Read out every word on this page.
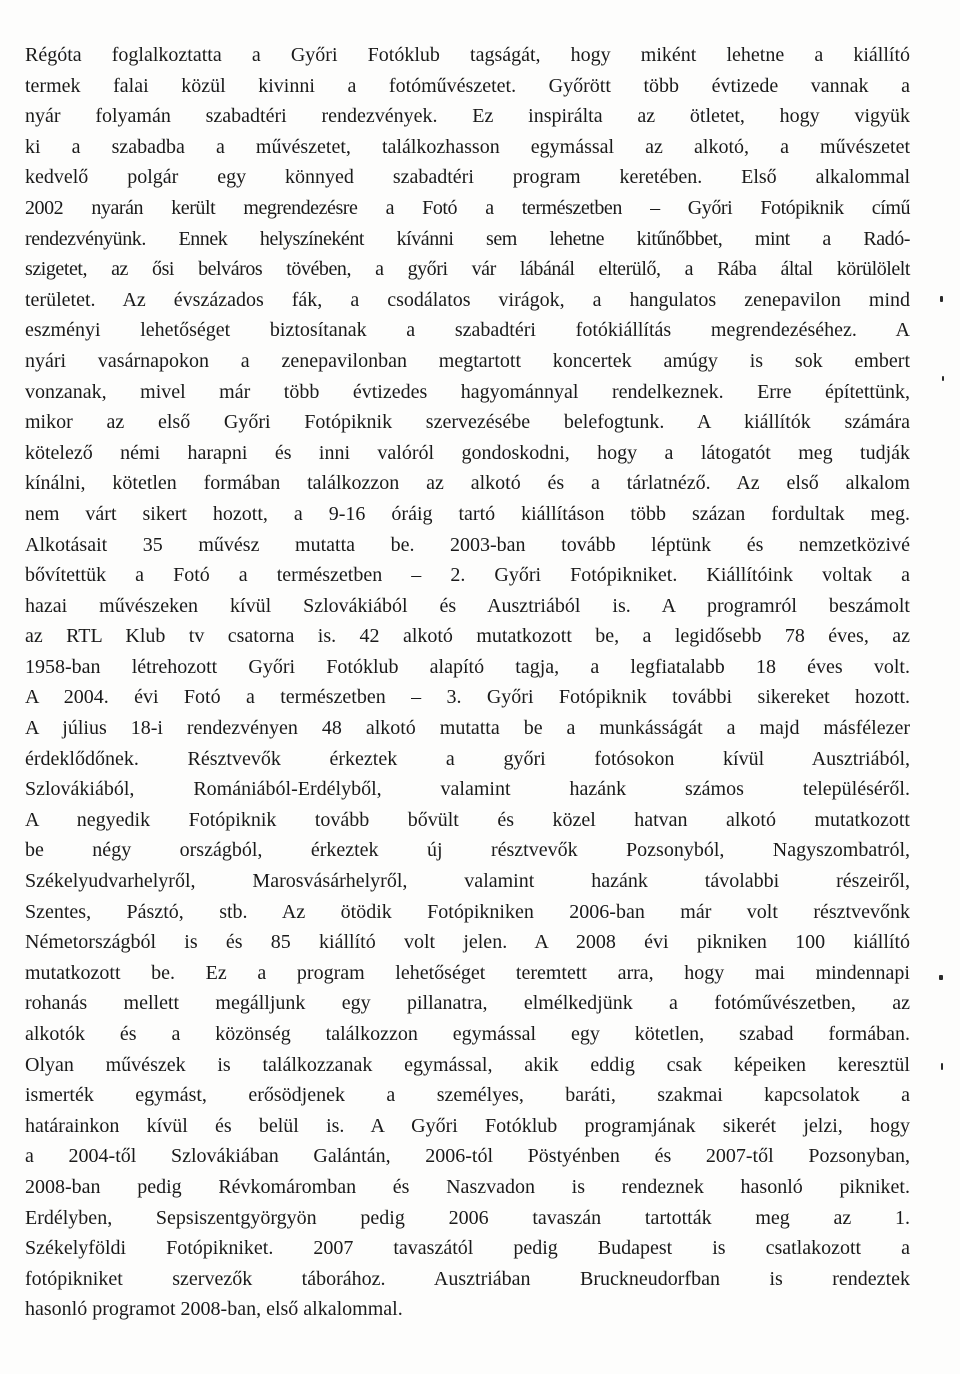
Régóta foglalkoztatta a Győri Fotóklub tagságát, hogy miként lehetne a kiállító
termek falai közül kivinni a fotóművészetet. Győrött több évtizede vannak a
nyár folyamán szabadtéri rendezvények. Ez inspirálta az ötletet, hogy vigyük
ki a szabadba a művészetet, találkozhasson egymással az alkotó, a művészetet
kedvelő polgár egy könnyed szabadtéri program keretében. Első alkalommal
2002 nyarán került megrendezésre a Fotó a természetben – Győri Fotópiknik című
rendezvényünk. Ennek helyszíneként kívánni sem lehetne kitűnőbbet, mint a Radó-
szigetet, az ősi belváros tövében, a győri vár lábánál elterülő, a Rába által körülölelt
területet. Az évszázados fák, a csodálatos virágok, a hangulatos zenepavilon mind
eszményi lehetőséget biztosítanak a szabadtéri fotókiállítás megrendezéséhez. A
nyári vasárnapokon a zenepavilonban megtartott koncertek amúgy is sok embert
vonzanak, mivel már több évtizedes hagyománnyal rendelkeznek. Erre építettünk,
mikor az első Győri Fotópiknik szervezésébe belefogtunk. A kiállítók számára
kötelező némi harapni és inni valóról gondoskodni, hogy a látogatót meg tudják
kínálni, kötetlen formában találkozzon az alkotó és a tárlatnéző. Az első alkalom
nem várt sikert hozott, a 9-16 óráig tartó kiállításon több százan fordultak meg.
Alkotásait 35 művész mutatta be. 2003-ban tovább léptünk és nemzetközivé
bővítettük a Fotó a természetben – 2. Győri Fotópikniket. Kiállítóink voltak a
hazai művészeken kívül Szlovákiából és Ausztriából is. A programról beszámolt
az RTL Klub tv csatorna is. 42 alkotó mutatkozott be, a legidősebb 78 éves, az
1958-ban létrehozott Győri Fotóklub alapító tagja, a legfiatalabb 18 éves volt.
A 2004. évi Fotó a természetben – 3. Győri Fotópiknik további sikereket hozott.
A július 18-i rendezvényen 48 alkotó mutatta be a munkásságát a majd másfélezer
érdeklődőnek. Résztvevők érkeztek a győri fotósokon kívül Ausztriából,
Szlovákiából, Romániából-Erdélyből, valamint hazánk számos településéről.
A negyedik Fotópiknik tovább bővült és közel hatvan alkotó mutatkozott
be négy országból, érkeztek új résztvevők Pozsonyból, Nagyszombatról,
Székelyudvarhelyről, Marosvásárhelyről, valamint hazánk távolabbi részeiről,
Szentes, Pásztó, stb. Az ötödik Fotópikniken 2006-ban már volt résztvevőnk
Németországból is és 85 kiállító volt jelen. A 2008 évi pikniken 100 kiállító
mutatkozott be. Ez a program lehetőséget teremtett arra, hogy mai mindennapi
rohanás mellett megálljunk egy pillanatra, elmélkedjünk a fotóművészetben, az
alkotók és a közönség találkozzon egymással egy kötetlen, szabad formában.
Olyan művészek is találkozzanak egymással, akik eddig csak képeiken keresztül
ismerték egymást, erősödjenek a személyes, baráti, szakmai kapcsolatok a
határainkon kívül és belül is. A Győri Fotóklub programjának sikerét jelzi, hogy
a 2004-től Szlovákiában Galántán, 2006-tól Pöstyénben és 2007-től Pozsonyban,
2008-ban pedig Révkomáromban és Naszvadon is rendeznek hasonló pikniket.
Erdélyben, Sepsiszentgyörgyön pedig 2006 tavaszán tartották meg az 1.
Székelyföldi Fotópikniket. 2007 tavaszától pedig Budapest is csatlakozott a
fotópikniket szervezők táborához. Ausztriában Bruckneudorfban is rendeztek
hasonló programot 2008-ban, első alkalommal.
